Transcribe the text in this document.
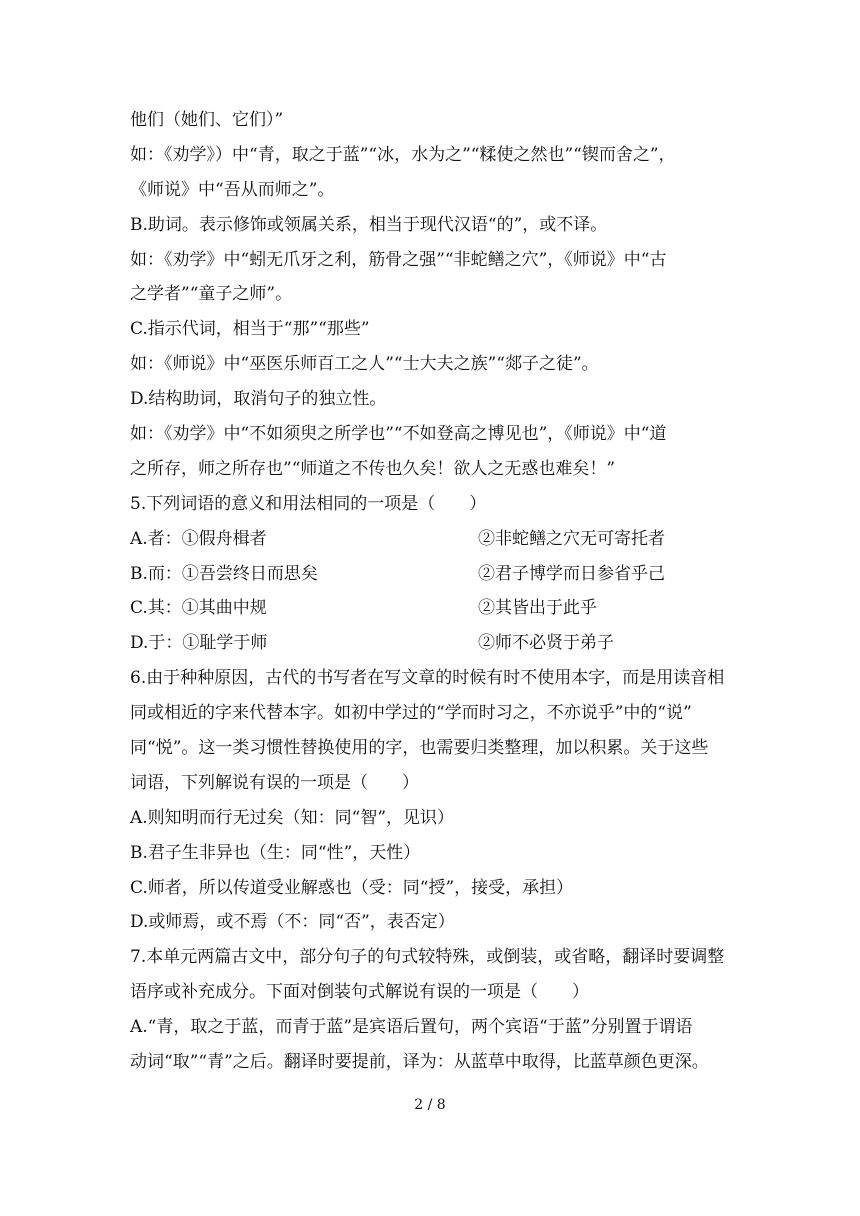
他们（她们、它们）”
如：《劝学》）中“青，取之于蓝”“冰，水为之”“糅使之然也”“锲而舍之”，
《师说》中“吾从而师之”。
B.助词。表示修饰或领属关系，相当于现代汉语“的”，或不译。
如：《劝学》中“蚓无爪牙之利，筋骨之强”“非蛇鳝之穴”，《师说》中“古
之学者”“童子之师”。
C.指示代词，相当于“那”“那些”
如：《师说》中“巫医乐师百工之人”“士大夫之族”“郯子之徒”。
D.结构助词，取消句子的独立性。
如：《劝学》中“不如须臾之所学也”“不如登高之博见也”，《师说》中“道
之所存，师之所存也”“师道之不传也久矣！欲人之无惑也难矣！”
5.下列词语的意义和用法相同的一项是（　　）
A.者：①假舟楫者	②非蛇鳝之穴无可寄托者
B.而：①吾尝终日而思矣	②君子博学而日参省乎己
C.其：①其曲中规	②其皆出于此乎
D.于：①耻学于师	②师不必贤于弟子
6.由于种种原因，古代的书写者在写文章的时候有时不使用本字，而是用读音相
同或相近的字来代替本字。如初中学过的“学而时习之，不亦说乎”中的“说”
同“悦”。这一类习惯性替换使用的字，也需要归类整理，加以积累。关于这些
词语，下列解说有误的一项是（　　）
A.则知明而行无过矣（知：同“智”，见识）
B.君子生非异也（生：同“性”，天性）
C.师者，所以传道受业解惑也（受：同“授”，接受，承担）
D.或师焉，或不焉（不：同“否”，表否定）
7.本单元两篇古文中，部分句子的句式较特殊，或倒装，或省略，翻译时要调整
语序或补充成分。下面对倒装句式解说有误的一项是（　　）
A.“青，取之于蓝，而青于蓝”是宾语后置句，两个宾语“于蓝”分别置于谓语
动词“取”“青”之后。翻译时要提前，译为：从蓝草中取得，比蓝草颜色更深。
2 / 8
